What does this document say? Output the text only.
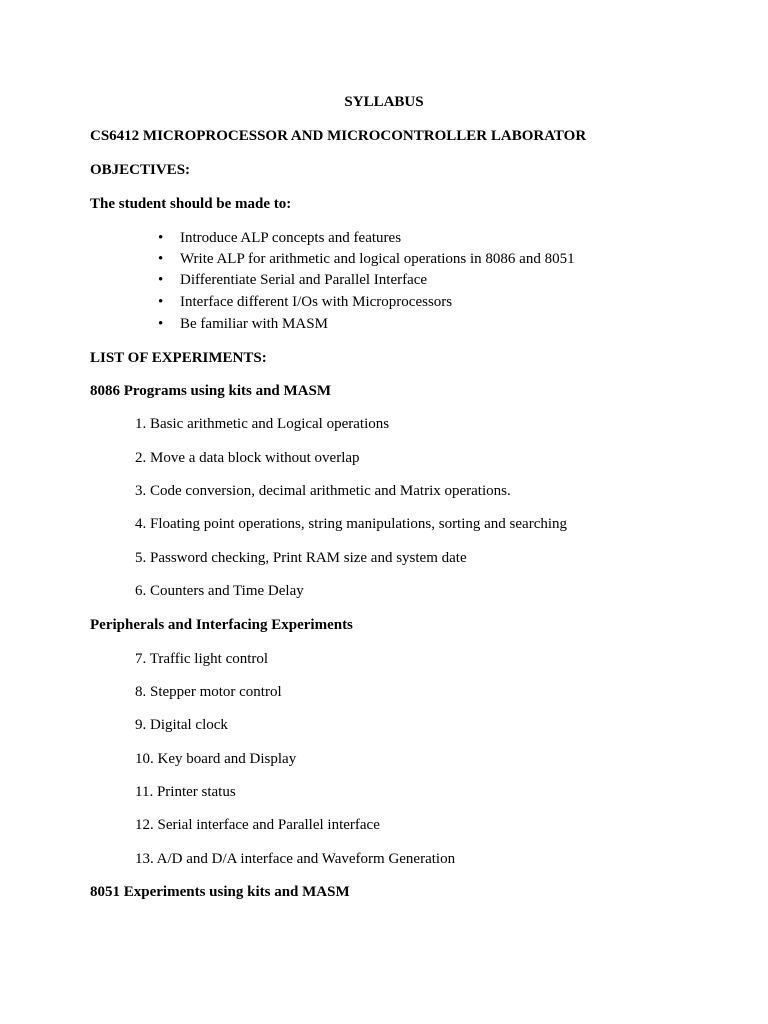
SYLLABUS
CS6412 MICROPROCESSOR AND MICROCONTROLLER LABORATOR
OBJECTIVES:
The student should be made to:
• Introduce ALP concepts and features
• Write ALP for arithmetic and logical operations in 8086 and 8051
• Differentiate Serial and Parallel Interface
• Interface different I/Os with Microprocessors
• Be familiar with MASM
LIST OF EXPERIMENTS:
8086 Programs using kits and MASM
1. Basic arithmetic and Logical operations
2. Move a data block without overlap
3. Code conversion, decimal arithmetic and Matrix operations.
4. Floating point operations, string manipulations, sorting and searching
5. Password checking, Print RAM size and system date
6. Counters and Time Delay
Peripherals and Interfacing Experiments
7. Traffic light control
8. Stepper motor control
9. Digital clock
10. Key board and Display
11. Printer status
12. Serial interface and Parallel interface
13. A/D and D/A interface and Waveform Generation
8051 Experiments using kits and MASM
